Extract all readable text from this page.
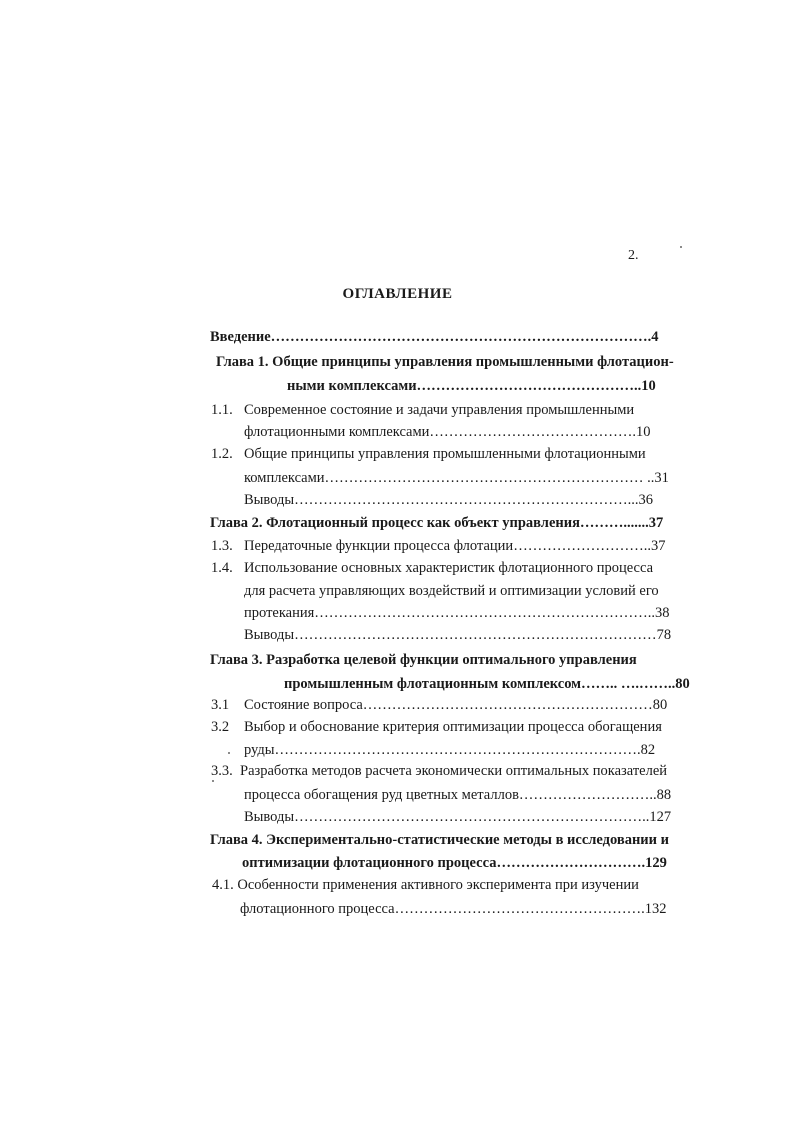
2.
ОГЛАВЛЕНИЕ
Введение…………………………………………………………………….4
Глава 1. Общие принципы управления промышленными флотацион-
ными комплексами………………………………………..10
1.1. Современное состояние и задачи управления промышленными
флотационными комплексами…………………………………….10
1.2. Общие принципы управления промышленными флотационными
комплексами………………………………………………………… ..31
Выводы……………………………………………………………...36
Глава 2. Флотационный процесс как объект управления……….......37
1.3. Передаточные функции процесса флотации………………………..37
1.4. Использование основных характеристик флотационного процесса
для расчета управляющих воздействий и оптимизации условий его
протекания……………………………………………………………..38
Выводы…………………………………………………………………78
Глава 3. Разработка целевой функции оптимального управления
промышленным флотационным комплексом…….. ….……..80
3.1 Состояние вопроса……………………………………………………80
3.2 Выбор и обоснование критерия оптимизации процесса обогащения
руды………………………………………………………………….82
3.3. Разработка методов расчета экономически оптимальных показателей
процесса обогащения руд цветных металлов………………………..88
Выводы………………………………………………………………..127
Глава 4. Экспериментально-статистические методы в исследовании и
оптимизации флотационного процесса………………………….129
4.1. Особенности применения активного эксперимента при изучении
флотационного процесса…………………………………………….132
